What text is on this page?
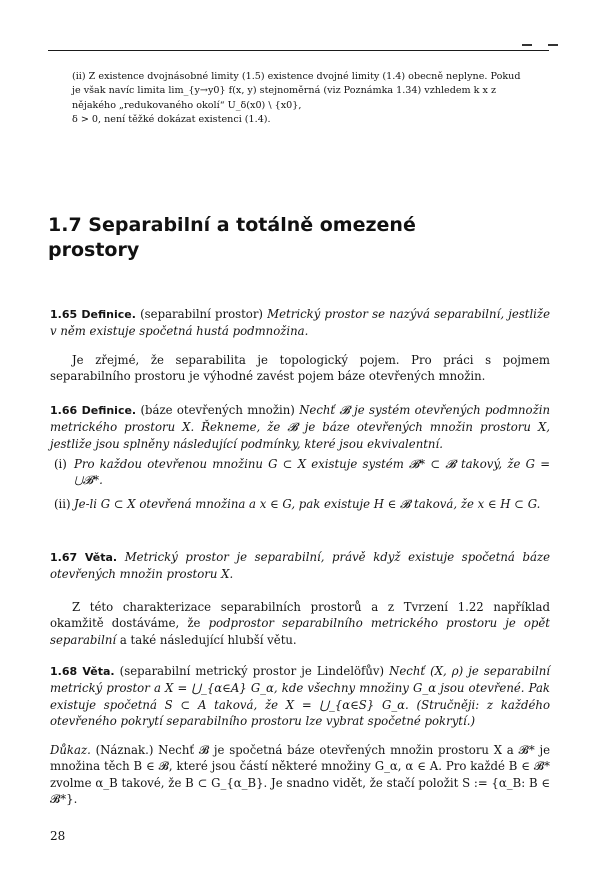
(ii) Z existence dvojnásobné limity (1.5) existence dvojné limity (1.4) obecně neplyne. Pokud
je však navíc limita lim_{y→y0} f(x, y) stejnoměrná (viz Poznámka 1.34) vzhledem k x z
nějakého „redukovaného okolí“ U_δ(x0) \ {x0},
δ > 0, není těžké dokázat existenci (1.4).
1.7 Separabilní a totálně omezené prostory
1.65 Definice. (separabilní prostor) Metrický prostor se nazývá separabilní, jestliže v něm existuje spočetná hustá podmnožina.
Je zřejmé, že separabilita je topologický pojem. Pro práci s pojmem separabilního prostoru je výhodné zavést pojem báze otevřených množin.
1.66 Definice. (báze otevřených množin) Nechť 𝓑 je systém otevřených podmnožin metrického prostoru X. Řekneme, že 𝓑 je báze otevřených množin prostoru X, jestliže jsou splněny následující podmínky, které jsou ekvivalentní.
(i) Pro každou otevřenou množinu G ⊂ X existuje systém 𝓑* ⊂ 𝓑 takový, že G = ⋃𝓑*.
(ii) Je-li G ⊂ X otevřená množina a x ∈ G, pak existuje H ∈ 𝓑 taková, že x ∈ H ⊂ G.
1.67 Věta. Metrický prostor je separabilní, právě když existuje spočetná báze otevřených množin prostoru X.
Z této charakterizace separabilních prostorů a z Tvrzení 1.22 například okamžitě dostáváme, že podprostor separabilního metrického prostoru je opět separabilní a také následující hlubší větu.
1.68 Věta. (separabilní metrický prostor je Lindelöfův) Nechť (X, ρ) je separabilní metrický prostor a X = ⋃_{α∈A} G_α, kde všechny množiny G_α jsou otevřené. Pak existuje spočetná S ⊂ A taková, že X = ⋃_{α∈S} G_α. (Stručněji: z každého otevřeného pokrytí separabilního prostoru lze vybrat spočetné pokrytí.)
Důkaz. (Náznak.) Nechť 𝓑 je spočetná báze otevřených množin prostoru X a 𝓑* je množina těch B ∈ 𝓑, které jsou částí některé množiny G_α, α ∈ A. Pro každé B ∈ 𝓑* zvolme α_B takové, že B ⊂ G_{α_B}. Je snadno vidět, že stačí položit S := {α_B: B ∈ 𝓑*}.
28
